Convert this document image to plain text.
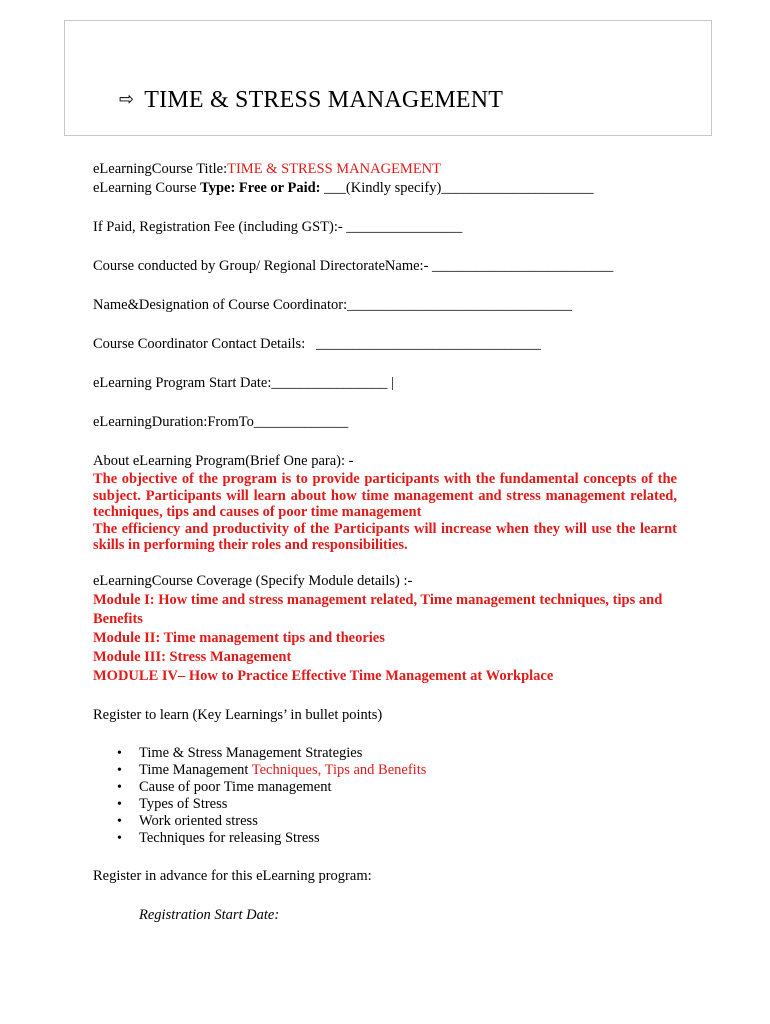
⇨ TIME & STRESS MANAGEMENT

eLearningCourse Title:TIME & STRESS MANAGEMENT

eLearning Course Type: Free or Paid: ___(Kindly specify)_____________________

If Paid, Registration Fee (including GST):- ________________

Course conducted by Group/ Regional DirectorateName:- _________________________

Name&Designation of Course Coordinator:_______________________________

Course Coordinator Contact Details:   _______________________________

eLearning Program Start Date:________________ |

eLearningDuration:FromTo_____________

About eLearning Program(Brief One para): -

The objective of the program is to provide participants with the fundamental concepts of the subject. Participants will learn about how time management and stress management related, techniques, tips and causes of poor time management

The efficiency and productivity of the Participants will increase when they will use the learnt skills in performing their roles and responsibilities.

eLearningCourse Coverage (Specify Module details) :-

Module I: How time and stress management related, Time management techniques, tips and Benefits

Module II: Time management tips and theories

Module III: Stress Management

MODULE IV– How to Practice Effective Time Management at Workplace

Register to learn (Key Learnings’ in bullet points)

• Time & Stress Management Strategies
• Time Management Techniques, Tips and Benefits
• Cause of poor Time management
• Types of Stress
• Work oriented stress
• Techniques for releasing Stress

Register in advance for this eLearning program:

Registration Start Date:
